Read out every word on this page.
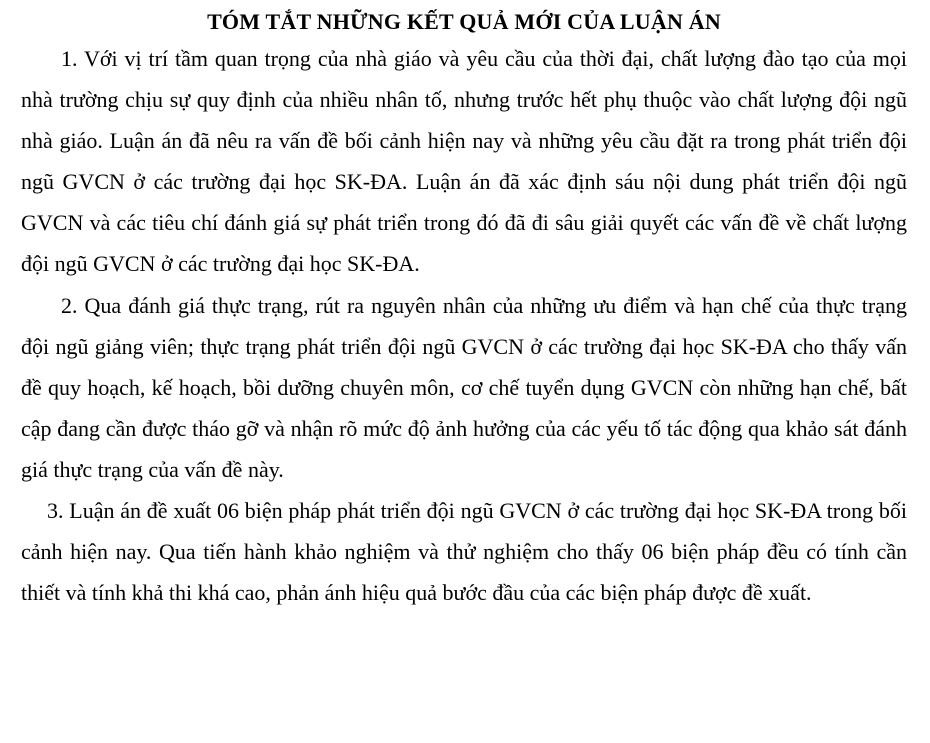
TÓM TẮT NHỮNG KẾT QUẢ MỚI CỦA LUẬN ÁN

1. Với vị trí tầm quan trọng của nhà giáo và yêu cầu của thời đại, chất lượng đào tạo của mọi nhà trường chịu sự quy định của nhiều nhân tố, nhưng trước hết phụ thuộc vào chất lượng đội ngũ nhà giáo. Luận án đã nêu ra vấn đề bối cảnh hiện nay và những yêu cầu đặt ra trong phát triển đội ngũ GVCN ở các trường đại học SK-ĐA. Luận án đã xác định sáu nội dung phát triển đội ngũ GVCN và các tiêu chí đánh giá sự phát triển trong đó đã đi sâu giải quyết các vấn đề về chất lượng đội ngũ GVCN ở các trường đại học SK-ĐA.

2. Qua đánh giá thực trạng, rút ra nguyên nhân của những ưu điểm và hạn chế của thực trạng đội ngũ giảng viên; thực trạng phát triển đội ngũ GVCN ở các trường đại học SK-ĐA cho thấy vấn đề quy hoạch, kế hoạch, bồi dưỡng chuyên môn, cơ chế tuyển dụng GVCN còn những hạn chế, bất cập đang cần được tháo gỡ và nhận rõ mức độ ảnh hưởng của các yếu tố tác động qua khảo sát đánh giá thực trạng của vấn đề này.

3. Luận án đề xuất 06 biện pháp phát triển đội ngũ GVCN ở các trường đại học SK-ĐA trong bối cảnh hiện nay. Qua tiến hành khảo nghiệm và thử nghiệm cho thấy 06 biện pháp đều có tính cần thiết và tính khả thi khá cao, phản ánh hiệu quả bước đầu của các biện pháp được đề xuất.
